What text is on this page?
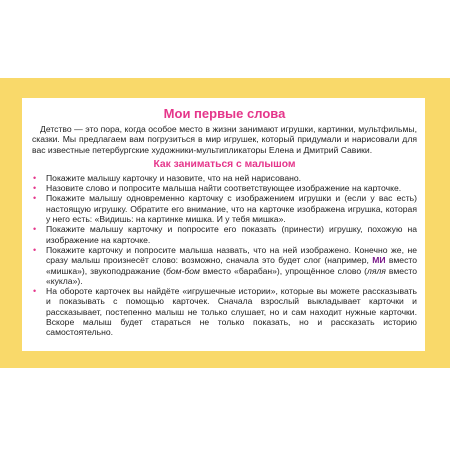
Мои первые слова

Детство — это пора, когда особое место в жизни занимают игрушки, картинки, мультфильмы, сказки. Мы предлагаем вам погрузиться в мир игрушек, который придумали и нарисовали для вас известные петербургские художники-мультипликаторы Елена и Дмитрий Савики.

Как заниматься с малышом
• Покажите малышу карточку и назовите, что на ней нарисовано.
• Назовите слово и попросите малыша найти соответствующее изображение на карточке.
• Покажите малышу одновременно карточку с изображением игрушки и (если у вас есть) настоящую игрушку. Обратите его внимание, что на карточке изображена игрушка, которая у него есть: «Видишь: на картинке мишка. И у тебя мишка».
• Покажите малышу карточку и попросите его показать (принести) игрушку, похожую на изображение на карточке.
• Покажите карточку и попросите малыша назвать, что на ней изображено. Конечно же, не сразу малыш произнесёт слово: возможно, сначала это будет слог (например, МИ вместо «мишка»), звукоподражание (бом-бом вместо «барабан»), упрощённое слово (ляля вместо «кукла»).
• На обороте карточек вы найдёте «игрушечные истории», которые вы можете рассказывать и показывать с помощью карточек. Сначала взрослый выкладывает карточки и рассказывает, постепенно малыш не только слушает, но и сам находит нужные карточки. Вскоре малыш будет стараться не только показать, но и рассказать историю самостоятельно.
